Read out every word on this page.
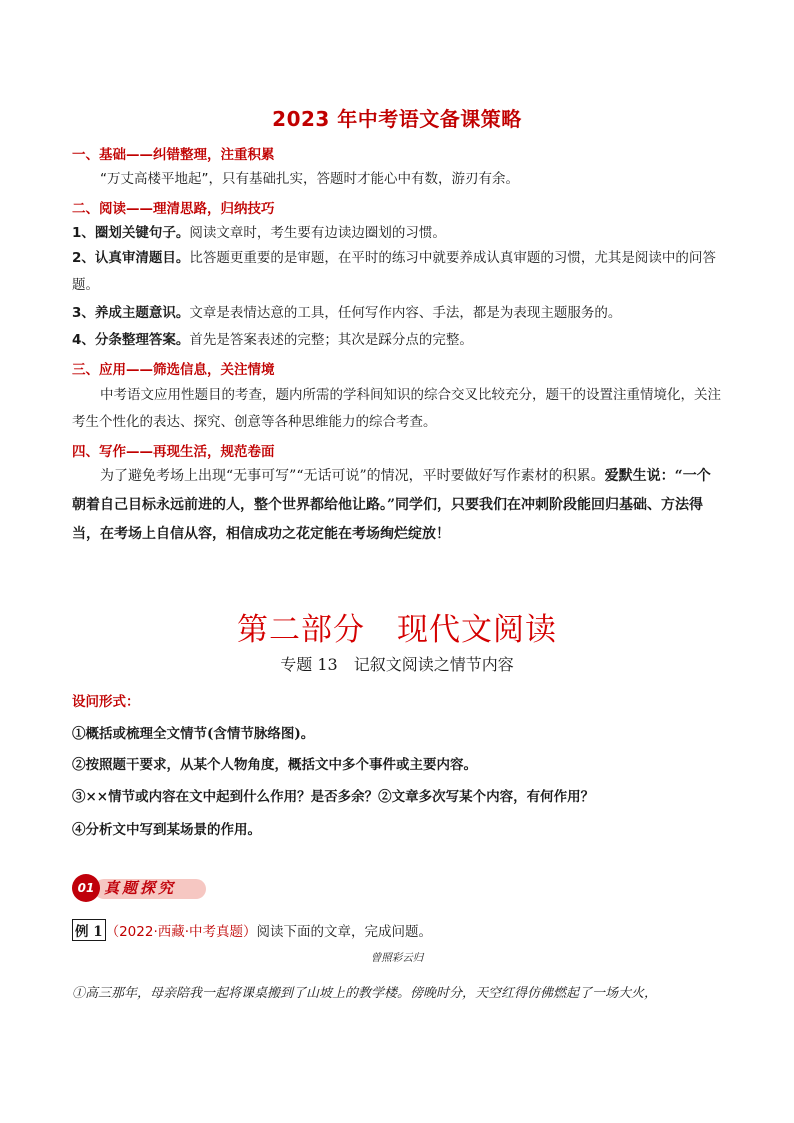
2023 年中考语文备课策略
一、基础——纠错整理，注重积累
“万丈高楼平地起”，只有基础扎实，答题时才能心中有数，游刃有余。
二、阅读——理清思路，归纳技巧
1、圈划关键句子。阅读文章时，考生要有边读边圈划的习惯。
2、认真审清题目。比答题更重要的是审题，在平时的练习中就要养成认真审题的习惯，尤其是阅读中的问答题。
3、养成主题意识。文章是表情达意的工具，任何写作内容、手法，都是为表现主题服务的。
4、分条整理答案。首先是答案表述的完整；其次是踩分点的完整。
三、应用——筛选信息，关注情境
中考语文应用性题目的考查，题内所需的学科间知识的综合交叉比较充分，题干的设置注重情境化，关注考生个性化的表达、探究、创意等各种思维能力的综合考查。
四、写作——再现生活，规范卷面
为了避免考场上出现“无事可写”“无话可说”的情况，平时要做好写作素材的积累。爱默生说：“一个朝着自己目标永远前进的人，整个世界都给他让路。”同学们，只要我们在冲刺阶段能回归基础、方法得当，在考场上自信从容，相信成功之花定能在考场绚烂绽放！
第二部分　现代文阅读
专题 13　记叙文阅读之情节内容
设问形式：
①概括或梳理全文情节(含情节脉络图)。
②按照题干要求，从某个人物角度，概括文中多个事件或主要内容。
③××情节或内容在文中起到什么作用？是否多余？②文章多次写某个内容，有何作用？
④分析文中写到某场景的作用。
01 真题探究
例 1 （2022·西藏·中考真题）阅读下面的文章，完成问题。
曾照彩云归
①高三那年，母亲陪我一起将课桌搬到了山坡上的教学楼。傍晚时分，天空红得仿佛燃起了一场大火，
